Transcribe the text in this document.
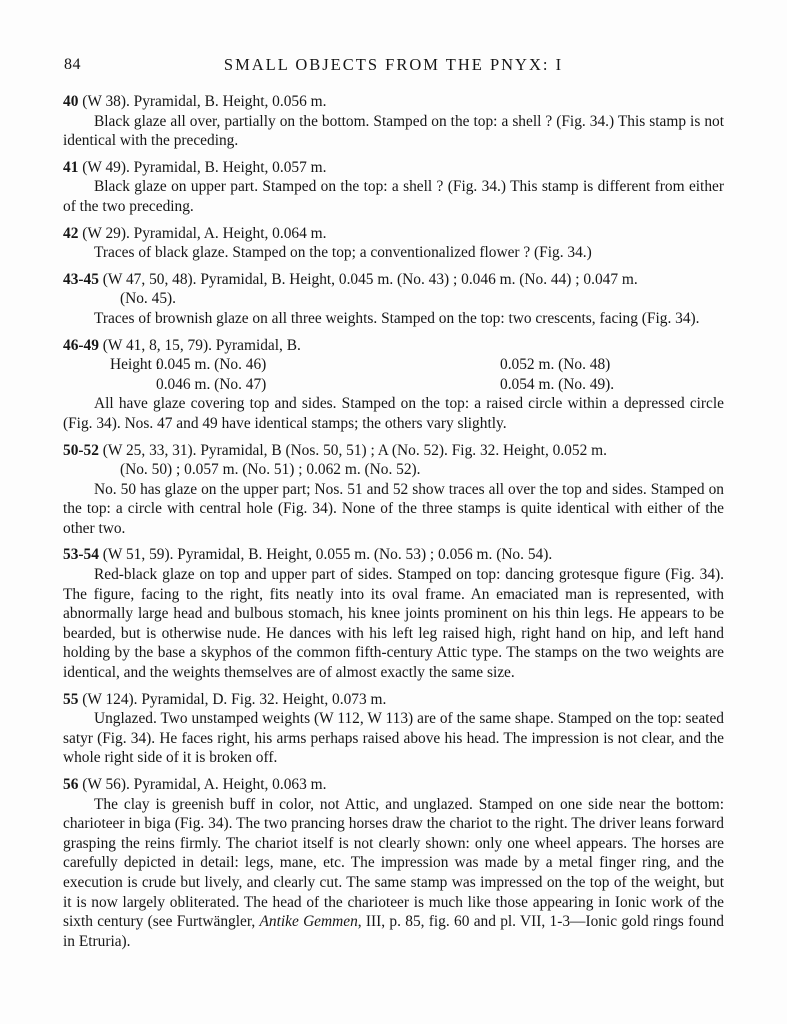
84	SMALL OBJECTS FROM THE PNYX: I

40 (W 38). Pyramidal, B. Height, 0.056 m.

Black glaze all over, partially on the bottom. Stamped on the top: a shell ? (Fig. 34.) This stamp is not identical with the preceding.

41 (W 49). Pyramidal, B. Height, 0.057 m.

Black glaze on upper part. Stamped on the top: a shell ? (Fig. 34.) This stamp is different from either of the two preceding.

42 (W 29). Pyramidal, A. Height, 0.064 m.

Traces of black glaze. Stamped on the top; a conventionalized flower ? (Fig. 34.)

43-45 (W 47, 50, 48). Pyramidal, B. Height, 0.045 m. (No. 43) ; 0.046 m. (No. 44) ; 0.047 m.

(No. 45).

Traces of brownish glaze on all three weights. Stamped on the top: two crescents, facing (Fig. 34).

46-49 (W 41, 8, 15, 79). Pyramidal, B.

Height :0.045 m. (No. 46)	0.052 m. (No. 48)
0.046 m. (No. 47)	0.054 m. (No. 49).

All have glaze covering top and sides. Stamped on the top: a raised circle within a depressed circle (Fig. 34). Nos. 47 and 49 have identical stamps; the others vary slightly.

50-52 (W 25, 33, 31). Pyramidal, B (Nos. 50, 51) ; A (No. 52). Fig. 32. Height, 0.052 m.

(No. 50) ; 0.057 m. (No. 51) ; 0.062 m. (No. 52).

No. 50 has glaze on the upper part; Nos. 51 and 52 show traces all over the top and sides. Stamped on the top: a circle with central hole (Fig. 34). None of the three stamps is quite identical with either of the other two.

53-54 (W 51, 59). Pyramidal, B. Height, 0.055 m. (No. 53) ; 0.056 m. (No. 54).

Red-black glaze on top and upper part of sides. Stamped on top: dancing grotesque figure (Fig. 34). The figure, facing to the right, fits neatly into its oval frame. An emaciated man is represented, with abnormally large head and bulbous stomach, his knee joints prominent on his thin legs. He appears to be bearded, but is otherwise nude. He dances with his left leg raised high, right hand on hip, and left hand holding by the base a skyphos of the common fifth-century Attic type. The stamps on the two weights are identical, and the weights themselves are of almost exactly the same size.

55 (W 124). Pyramidal, D. Fig. 32. Height, 0.073 m.

Unglazed. Two unstamped weights (W 112, W 113) are of the same shape. Stamped on the top: seated satyr (Fig. 34). He faces right, his arms perhaps raised above his head. The impression is not clear, and the whole right side of it is broken off.

56 (W 56). Pyramidal, A. Height, 0.063 m.

The clay is greenish buff in color, not Attic, and unglazed. Stamped on one side near the bottom: charioteer in biga (Fig. 34). The two prancing horses draw the chariot to the right. The driver leans forward grasping the reins firmly. The chariot itself is not clearly shown: only one wheel appears. The horses are carefully depicted in detail: legs, mane, etc. The impression was made by a metal finger ring, and the execution is crude but lively, and clearly cut. The same stamp was impressed on the top of the weight, but it is now largely obliterated. The head of the charioteer is much like those appearing in Ionic work of the sixth century (see Furtwängler, Antike Gemmen, III, p. 85, fig. 60 and pl. VII, 1-3—Ionic gold rings found in Etruria).
